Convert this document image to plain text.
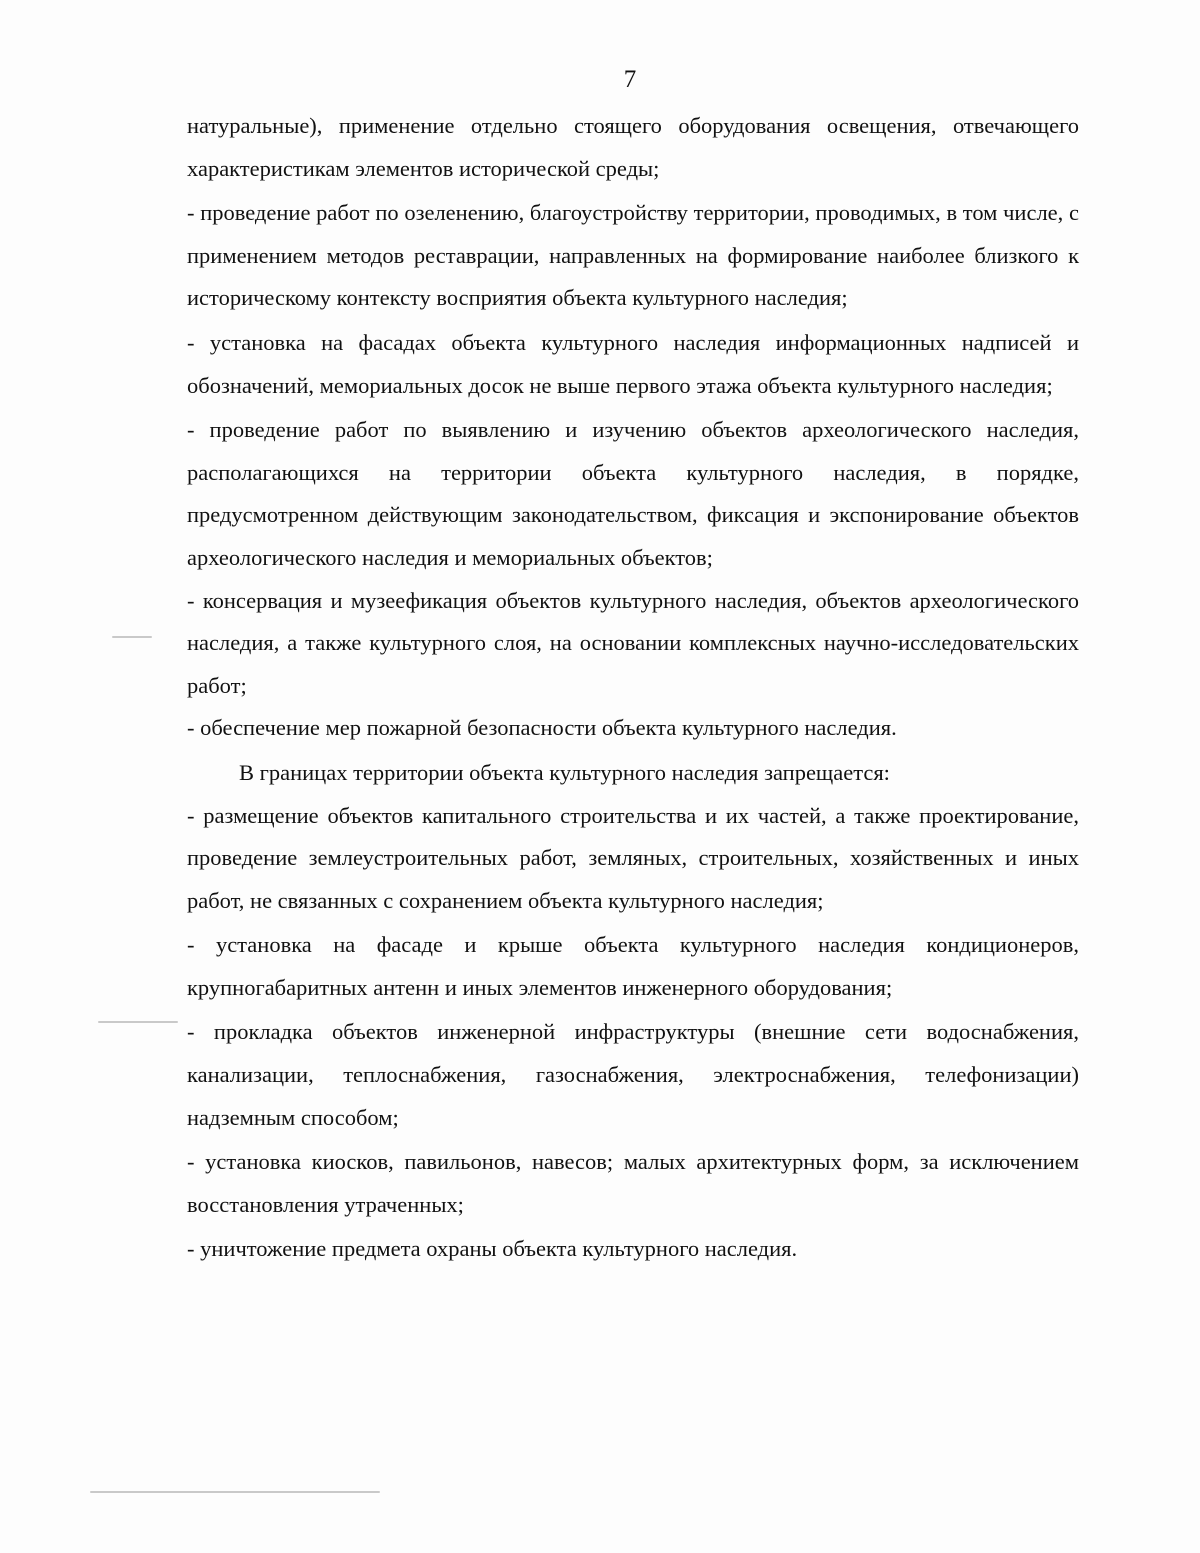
7

натуральные), применение отдельно стоящего оборудования освещения, отвечающего характеристикам элементов исторической среды;

- проведение работ по озеленению, благоустройству территории, проводимых, в том числе, с применением методов реставрации, направленных на формирование наиболее близкого к историческому контексту восприятия объекта культурного наследия;

- установка на фасадах объекта культурного наследия информационных надписей и обозначений, мемориальных досок не выше первого этажа объекта культурного наследия;

- проведение работ по выявлению и изучению объектов археологического наследия, располагающихся на территории объекта культурного наследия, в порядке, предусмотренном действующим законодательством, фиксация и экспонирование объектов археологического наследия и мемориальных объектов;

- консервация и музеефикация объектов культурного наследия, объектов археологического наследия, а также культурного слоя, на основании комплексных научно-исследовательских работ;

- обеспечение мер пожарной безопасности объекта культурного наследия.

В границах территории объекта культурного наследия запрещается:

- размещение объектов капитального строительства и их частей, а также проектирование, проведение землеустроительных работ, земляных, строительных, хозяйственных и иных работ, не связанных с сохранением объекта культурного наследия;

- установка на фасаде и крыше объекта культурного наследия кондиционеров, крупногабаритных антенн и иных элементов инженерного оборудования;

- прокладка объектов инженерной инфраструктуры (внешние сети водоснабжения, канализации, теплоснабжения, газоснабжения, электроснабжения, телефонизации) надземным способом;

- установка киосков, павильонов, навесов; малых архитектурных форм, за исключением восстановления утраченных;

- уничтожение предмета охраны объекта культурного наследия.
